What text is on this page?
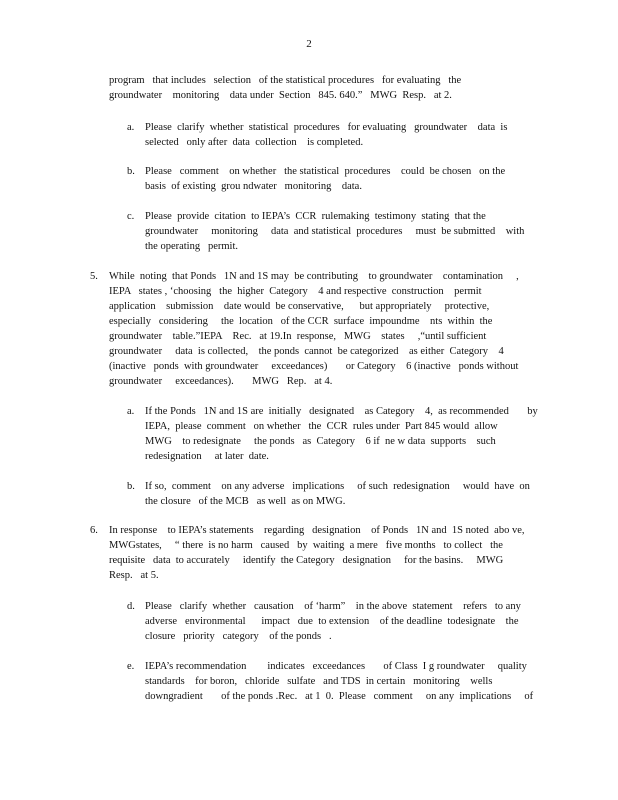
2
program   that includes   selection   of the statistical procedures   for evaluating   the
groundwater    monitoring    data under  Section   845. 640.”   MWG  Resp.   at 2.
a. Please  clarify  whether  statistical  procedures   for evaluating   groundwater    data  is
selected   only after  data  collection    is completed.
b. Please   comment    on whether   the statistical  procedures    could  be chosen   on the
basis  of existing  grou ndwater   monitoring    data.
c. Please  provide  citation  to IEPA’s  CCR  rulemaking  testimony  stating  that the
groundwater     monitoring     data  and statistical  procedures     must  be submitted    with
the operating   permit.
5. While  noting  that Ponds   1N and 1S may  be contributing    to groundwater    contamination     ,
IEPA   states , ‘choosing   the  higher  Category    4 and respective  construction    permit
application    submission    date would  be conservative,      but appropriately     protective,
especially   considering     the  location   of the CCR  surface  impoundme    nts  within  the
groundwater    table.”IEPA    Rec.   at 19.In  response,   MWG    states     ,“until sufficient
groundwater     data  is collected,    the ponds  cannot  be categorized    as either  Category    4
(inactive   ponds  with groundwater     exceedances)       or Category    6 (inactive   ponds without
groundwater     exceedances).       MWG   Rep.   at 4.
a. If the Ponds   1N and 1S are  initially   designated    as Category    4,  as recommended       by
IEPA,  please  comment   on whether   the  CCR  rules under  Part 845 would  allow
MWG    to redesignate     the ponds   as  Category    6 if  ne w data  supports    such
redesignation     at later  date.
b. If so,  comment    on any adverse   implications     of such  redesignation     would  have  on
the closure   of the MCB   as well  as on MWG.
6. In response    to IEPA’s statements    regarding   designation    of Ponds   1N and  1S noted  abo ve,
MWGstates,     “ there  is no harm   caused   by  waiting  a mere   five months   to collect   the
requisite   data  to accurately     identify  the Category   designation     for the basins.     MWG
Resp.   at 5.
d. Please   clarify  whether   causation    of ‘harm”    in the above  statement    refers   to any
adverse   environmental      impact   due  to extension    of the deadline  todesignate    the
closure   priority   category    of the ponds   .
e. IEPA’s recommendation        indicates   exceedances       of Class  I g roundwater     quality
standards    for boron,   chloride   sulfate   and TDS  in certain   monitoring    wells
downgradient       of the ponds .Rec.   at 1  0.  Please   comment     on any  implications     of
